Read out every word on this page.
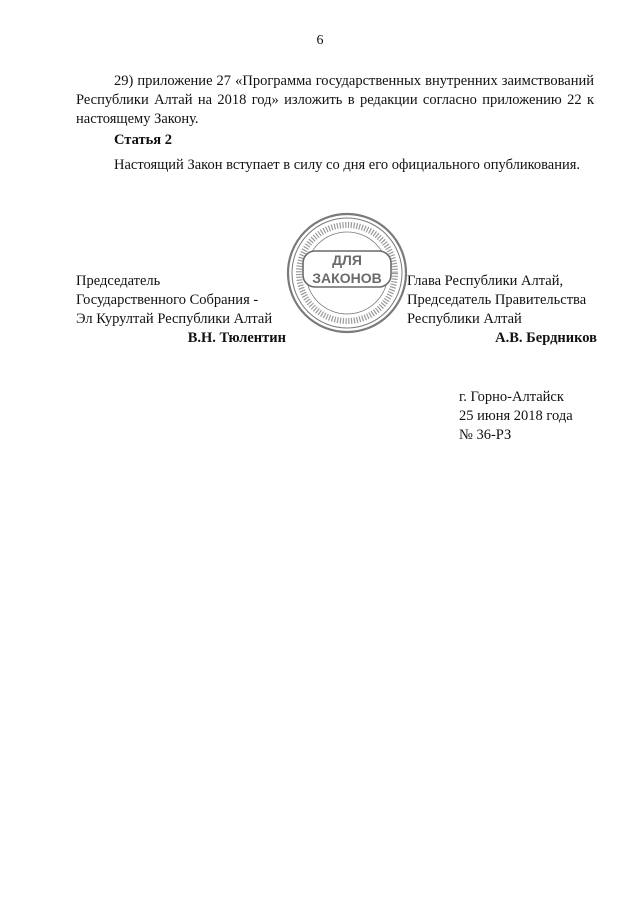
6

29) приложение 27 «Программа государственных внутренних заимствований Республики Алтай на 2018 год» изложить в редакции согласно приложению 22 к настоящему Закону.

Статья 2

Настоящий Закон вступает в силу со дня его официального опубликования.

ДЛЯ
ЗАКОНОВ
Председатель
Государственного Собрания -
Эл Курултай Республики Алтай
В.Н. Тюлентин
Глава Республики Алтай,
Председатель Правительства
Республики Алтай
А.В. Бердников
г. Горно-Алтайск
25 июня 2018 года
№ 36-РЗ
